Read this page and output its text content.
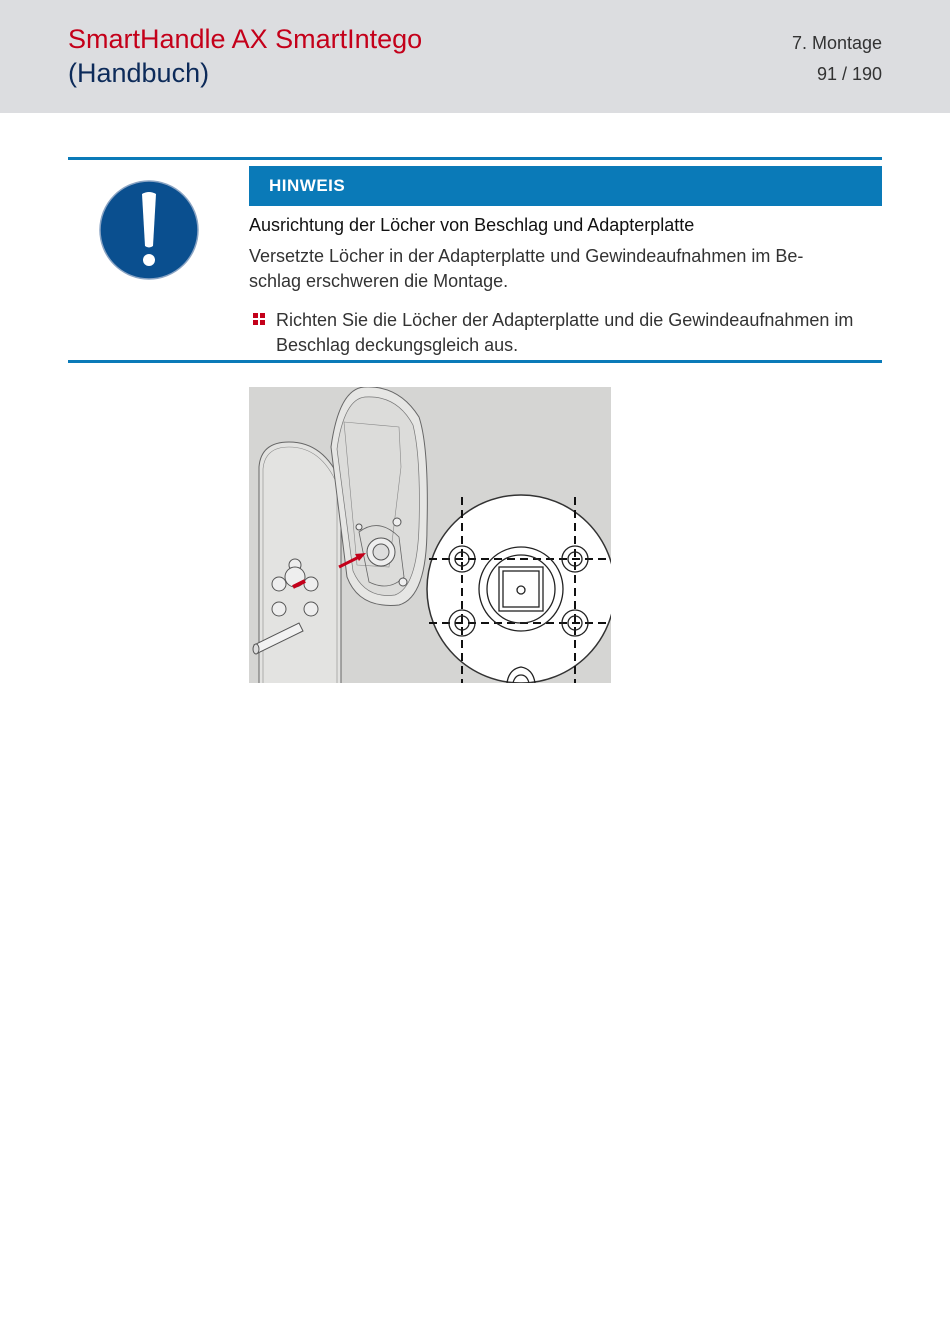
SmartHandle AX SmartIntego
(Handbuch)
7. Montage
91 / 190
HINWEIS
Ausrichtung der Löcher von Beschlag und Adapterplatte
Versetzte Löcher in der Adapterplatte und Gewindeaufnahmen im Beschlag erschweren die Montage.
Richten Sie die Löcher der Adapterplatte und die Gewindeaufnahmen im Beschlag deckungsgleich aus.
